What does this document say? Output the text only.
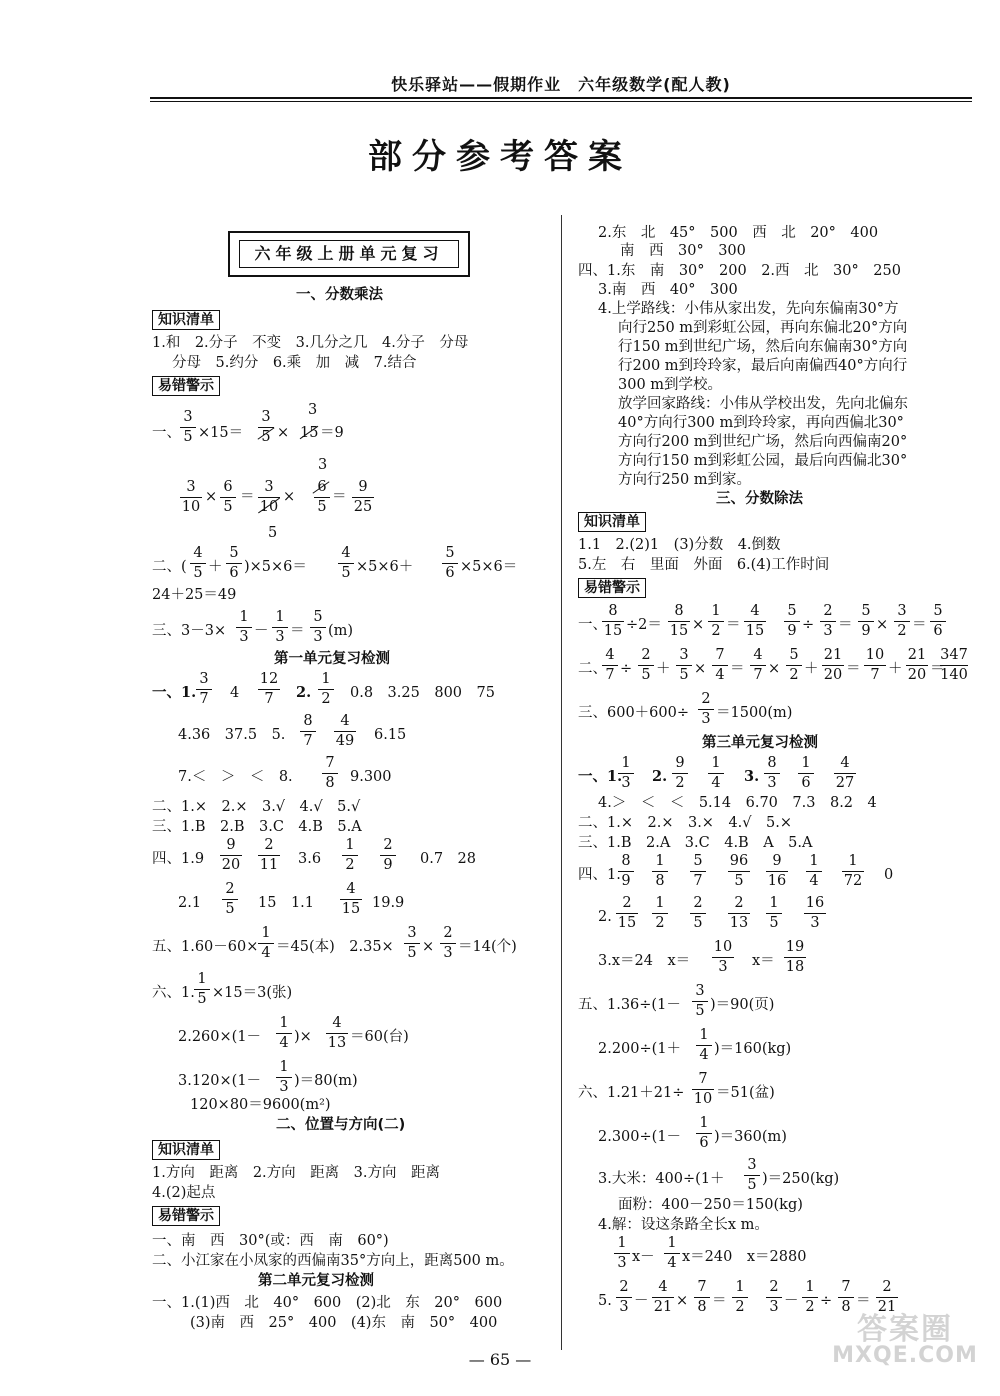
快乐驿站——假期作业　六年级数学(配人教)
部分参考答案
六年级上册单元复习
一、分数乘法
知识清单
1.和　2.分子　不变　3.几分之几　4.分子　分母
分母　5.约分　6.乘　加　减　7.结合
易错警示
一、 $\frac{3}{5} \times 15= \frac{3}{5}$ ×
3
15 ＝9
3
$\frac{3}{10} \times \frac{6}{5} = \frac{3}{10} \times \frac{6}{5} = \frac{9}{25}$
5
二、( $\frac{4}{5} + \frac{5}{6} )\times 5\times 6= \frac{4}{5} \times 5\times 6+ \frac{5}{6} \times 5\times 6=$
24＋25＝49
三、$3-3\times \frac{1}{3} - \frac{1}{3} = \frac{5}{3} (m)$
第一单元复习检测
一、1. $\frac{3}{7} 4 \frac{12}{7} 2$. $\frac{1}{2} 0.8$　3.25　800　75
4.36　37.5　5. $\frac{8}{7} \frac{4}{49} 6.15$
7.＜　＞　＜　8. $\frac{7}{8} 9.300$
二、1.×　2.×　3.√　4.√　5.√
三、1.B　2.B　3.C　4.B　5.A
四、$1.9 \frac{9}{20} \frac{2}{11} 3.6 \frac{1}{2} \frac{2}{9} 0.7$　28
$2.1 \frac{2}{5} 15$　$1.1 \frac{4}{15} 19.9$
五、$1.60-60\times \frac{1}{4} =45$(本)　$2.35\times \frac{3}{5} \times \frac{2}{3} =14$(个)
六、1. $\frac{1}{5} \times 15=3$(张)
$2.260\times(1- \frac{1}{4}$ )× $\frac{4}{13} =60$(台)
$3.120\times(1- \frac{1}{3} )=80(m)$
120×80＝9600(m²)
二、位置与方向(二)
知识清单
1.方向　距离　2.方向　距离　3.方向　距离
4.(2)起点
易错警示
一、南　西　30°(或：西　南　60°)
二、小江家在小凤家的西偏南35°方向上，距离500 m。
第二单元复习检测
一、1.(1)西　北　40°　600　(2)北　东　20°　600
(3)南　西　25°　400　(4)东　南　50°　400
2.东　北　45°　500　西　北　20°　400
南　西　30°　300
四、1.东　南　30°　200　2.西　北　30°　250
3.南　西　40°　300
4.上学路线：小伟从家出发，先向东偏南30°方
向行250 m到彩虹公园，再向东偏北20°方向
行150 m到世纪广场，然后向东偏南30°方向
行200 m到玲玲家，最后向南偏西40°方向行
300 m到学校。
放学回家路线：小伟从学校出发，先向北偏东
40°方向行300 m到玲玲家，再向西偏北30°
方向行200 m到世纪广场，然后向西偏南20°
方向行150 m到彩虹公园，最后向西偏北30°
方向行250 m到家。
三、分数除法
知识清单
1.1　2.(2)1　(3)分数　4.倒数
5.左　右　里面　外面　6.(4)工作时间
易错警示
一、
$\frac{8}{15} \div 2= \frac{8}{15} \times \frac{1}{2} = \frac{4}{15} \frac{5}{9} \div \frac{2}{3} = \frac{5}{9} \times \frac{3}{2} = \frac{5}{6}$
二、
$\frac{4}{7} \div \frac{2}{5} + \frac{3}{5} \times \frac{7}{4} = \frac{4}{7} \times \frac{5}{2} + \frac{21}{20} = \frac{10}{7} + \frac{21}{20}$ ＝
$\frac{347}{140}$
三、$600+600\div \frac{2}{3} =1500(m)$
第三单元复习检测
一、1.
$\frac{1}{3} 2$. $\frac{9}{2} \frac{1}{4} 3$. $\frac{8}{3} \frac{1}{6} \frac{4}{27}$
4.＞　＜　＜　5.14　6.70　7.3　8.2　4
二、1.×　2.×　3.×　4.√　5.×
三、1.B　2.A　3.C　4.B　A　5.A
四、1.
$\frac{8}{9} \frac{1}{8} \frac{5}{7} \frac{96}{5} \frac{9}{16} \frac{1}{4} \frac{1}{72} 0$
2. $\frac{2}{15} \frac{1}{2} \frac{2}{5} \frac{2}{13} \frac{1}{5} \frac{16}{3}$
3.x＝24　$x= \frac{10}{3} x= \frac{19}{18}$
五、$1.36\div(1- \frac{3}{5} )=90$(页)
$2.200\div(1+ \frac{1}{4} )=160(kg)$
六、$1.21+21\div \frac{7}{10} =51$(盆)
$2.300\div(1- \frac{1}{6} )=360(m)$
3.大米：$400\div(1+ \frac{3}{5} )=250(kg)$
面粉：400－250＝150(kg)
4.解：设这条路全长x m。
$\frac{1}{3} x- \frac{1}{4} x=240$　x＝2880
5. $\frac{2}{3} - \frac{4}{21} \times \frac{7}{8} = \frac{1}{2} \frac{2}{3} - \frac{1}{2} \div \frac{7}{8} = \frac{2}{21}$
— 65 —
答案圈
MXQE.COM
